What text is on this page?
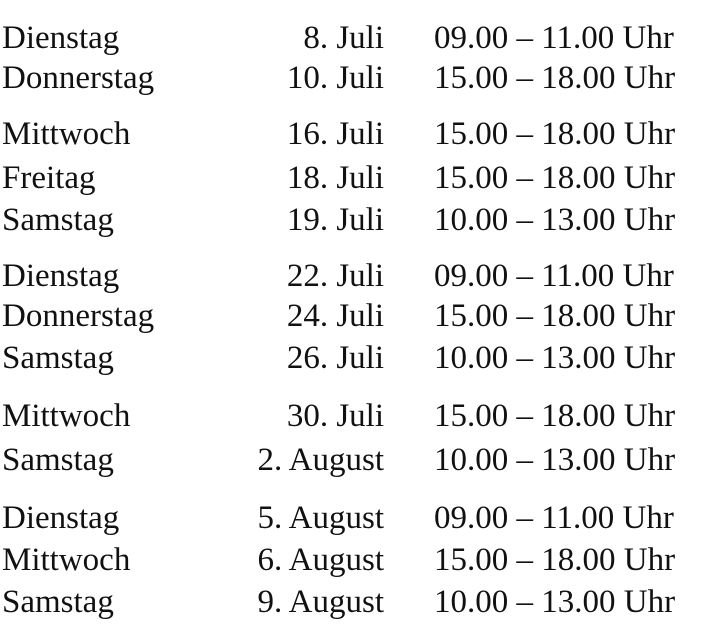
Dienstag	8. Juli 09.00 – 11.00 Uhr
Donnerstag	10. Juli 15.00 – 18.00 Uhr
Mittwoch	16. Juli 15.00 – 18.00 Uhr
Freitag	18. Juli 15.00 – 18.00 Uhr
Samstag	19. Juli 10.00 – 13.00 Uhr
Dienstag	22. Juli 09.00 – 11.00 Uhr
Donnerstag	24. Juli 15.00 – 18.00 Uhr
Samstag	26. Juli 10.00 – 13.00 Uhr
Mittwoch	30. Juli 15.00 – 18.00 Uhr
Samstag	2. August 10.00 – 13.00 Uhr
Dienstag	5. August 09.00 – 11.00 Uhr
Mittwoch	6. August 15.00 – 18.00 Uhr
Samstag	9. August 10.00 – 13.00 Uhr
